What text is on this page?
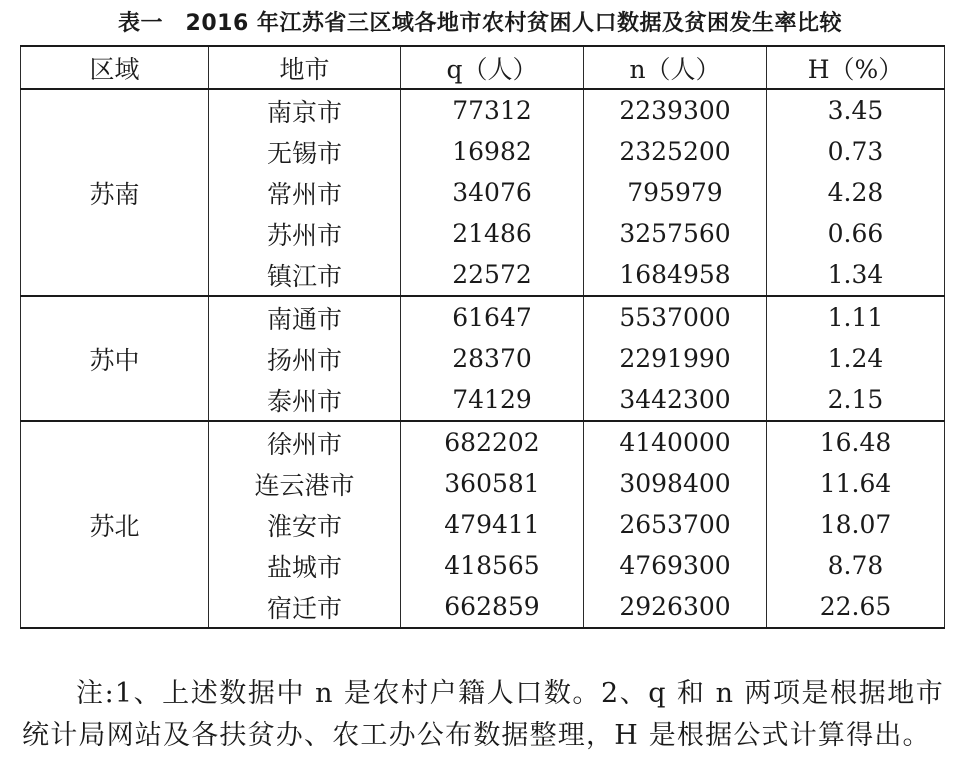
表一　2016 年江苏省三区域各地市农村贫困人口数据及贫困发生率比较
区域	地市	q（人）	n（人）	H（%）
苏南	南京市	77312	2239300	3.45
	无锡市	16982	2325200	0.73
	常州市	34076	795979	4.28
	苏州市	21486	3257560	0.66
	镇江市	22572	1684958	1.34
苏中	南通市	61647	5537000	1.11
	扬州市	28370	2291990	1.24
	泰州市	74129	3442300	2.15
苏北	徐州市	682202	4140000	16.48
	连云港市	360581	3098400	11.64
	淮安市	479411	2653700	18.07
	盐城市	418565	4769300	8.78
	宿迁市	662859	2926300	22.65

注:1、上述数据中 n 是农村户籍人口数。2、q 和 n 两项是根据地市统计局网站及各扶贫办、农工办公布数据整理，H 是根据公式计算得出。
